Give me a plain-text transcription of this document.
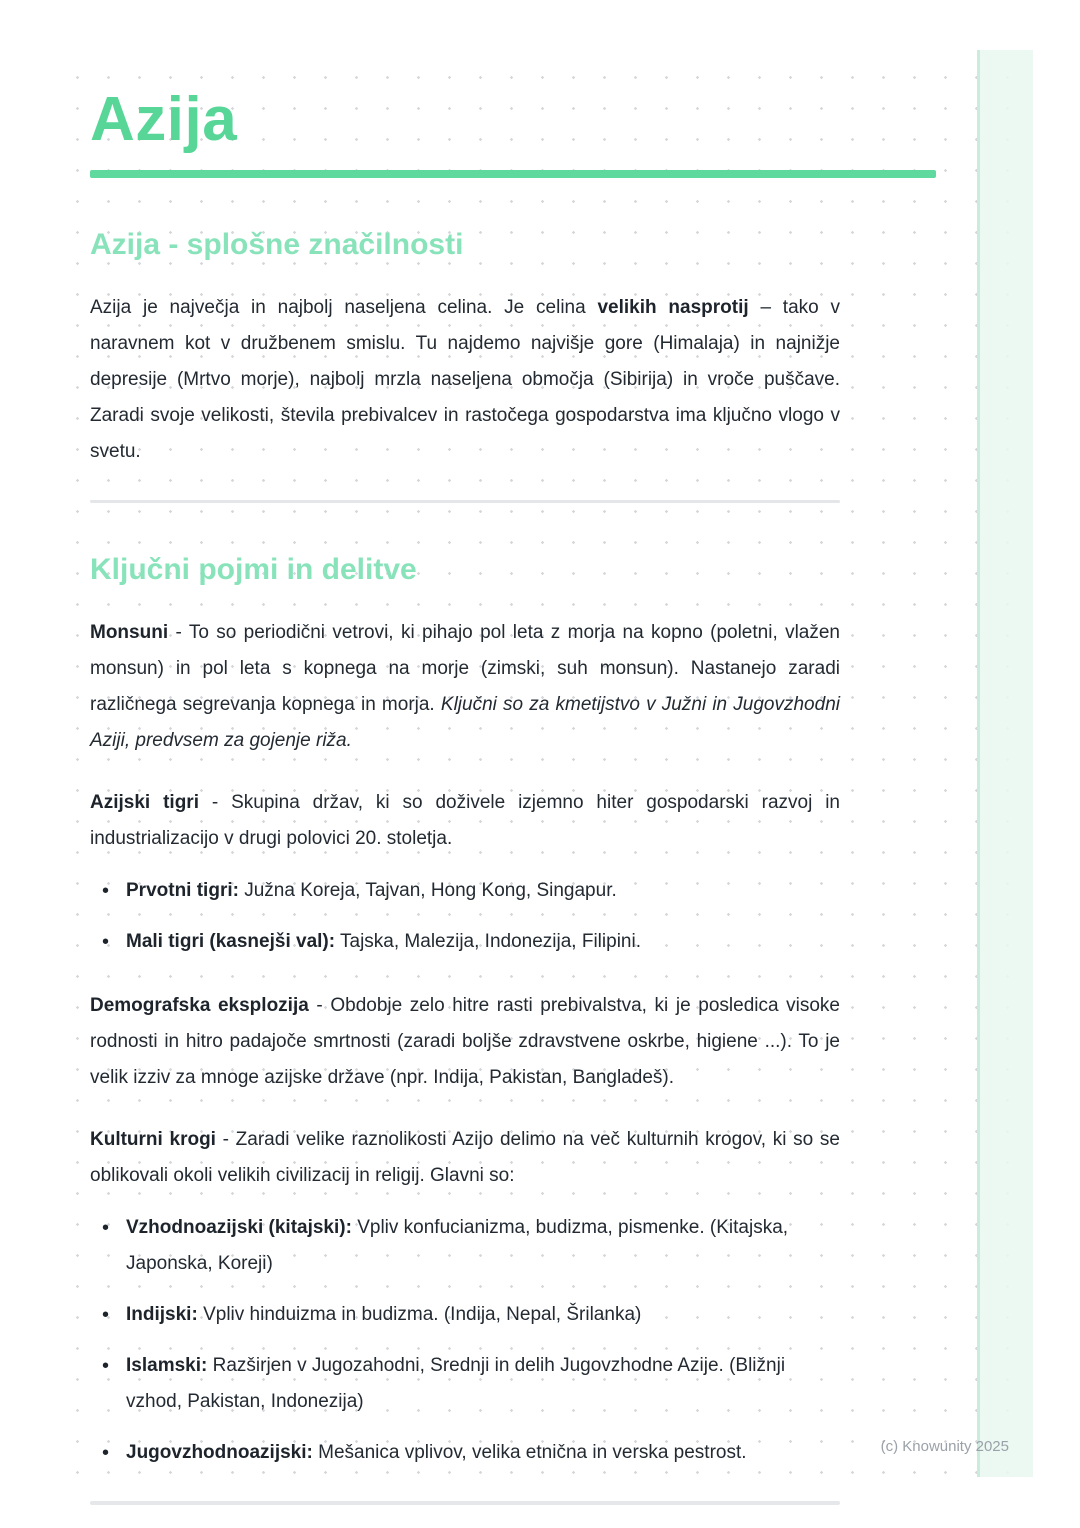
(c) Knowunity 2025
Azija
Azija - splošne značilnosti

Azija je največja in najbolj naseljena celina. Je celina velikih nasprotij – tako v naravnem kot v družbenem smislu. Tu najdemo najvišje gore (Himalaja) in najnižje depresije (Mrtvo morje), najbolj mrzla naseljena območja (Sibirija) in vroče puščave. Zaradi svoje velikosti, števila prebivalcev in rastočega gospodarstva ima ključno vlogo v svetu.

Ključni pojmi in delitve

Monsuni - To so periodični vetrovi, ki pihajo pol leta z morja na kopno (poletni, vlažen monsun) in pol leta s kopnega na morje (zimski, suh monsun). Nastanejo zaradi različnega segrevanja kopnega in morja. Ključni so za kmetijstvo v Južni in Jugovzhodni Aziji, predvsem za gojenje riža.

Azijski tigri - Skupina držav, ki so doživele izjemno hiter gospodarski razvoj in industrializacijo v drugi polovici 20. stoletja.

• Prvotni tigri: Južna Koreja, Tajvan, Hong Kong, Singapur.
• Mali tigri (kasnejši val): Tajska, Malezija, Indonezija, Filipini.

Demografska eksplozija - Obdobje zelo hitre rasti prebivalstva, ki je posledica visoke rodnosti in hitro padajoče smrtnosti (zaradi boljše zdravstvene oskrbe, higiene ...). To je velik izziv za mnoge azijske države (npr. Indija, Pakistan, Bangladeš).

Kulturni krogi - Zaradi velike raznolikosti Azijo delimo na več kulturnih krogov, ki so se oblikovali okoli velikih civilizacij in religij. Glavni so:

• Vzhodnoazijski (kitajski): Vpliv konfucianizma, budizma, pismenke. (Kitajska, Japonska, Koreji)
• Indijski: Vpliv hinduizma in budizma. (Indija, Nepal, Šrilanka)
• Islamski: Razširjen v Jugozahodni, Srednji in delih Jugovzhodne Azije. (Bližnji vzhod, Pakistan, Indonezija)
• Jugovzhodnoazijski: Mešanica vplivov, velika etnična in verska pestrost.
